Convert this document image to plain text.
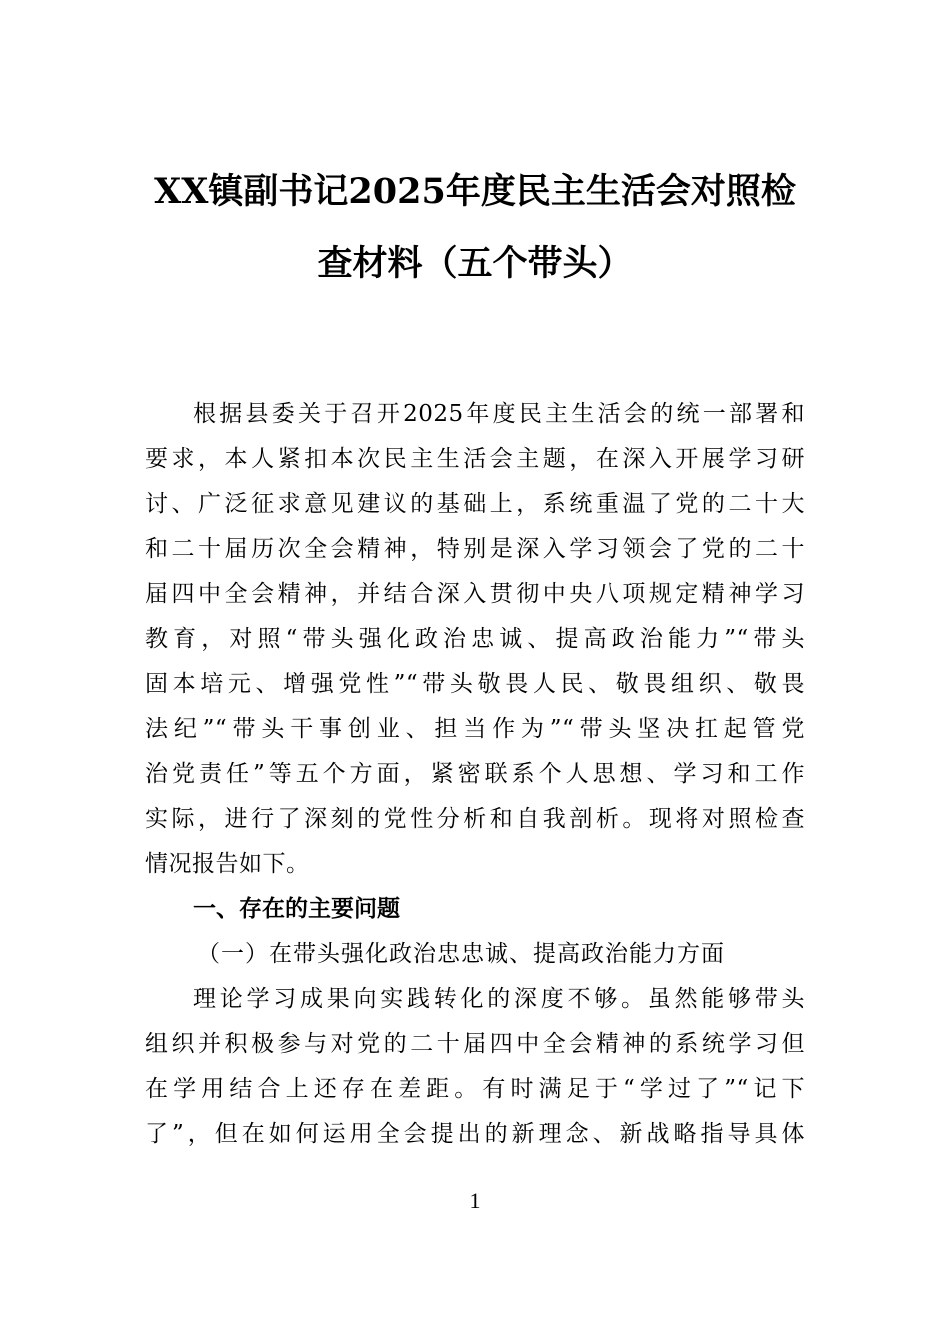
XX镇副书记2025年度民主生活会对照检
查材料（五个带头）
根据县委关于召开2025年度民主生活会的统一部署和
要求，本人紧扣本次民主生活会主题，在深入开展学习研
讨、广泛征求意见建议的基础上，系统重温了党的二十大
和二十届历次全会精神，特别是深入学习领会了党的二十
届四中全会精神，并结合深入贯彻中央八项规定精神学习
教育，对照“带头强化政治忠诚、提高政治能力”“带头
固本培元、增强党性”“带头敬畏人民、敬畏组织、敬畏
法纪”“带头干事创业、担当作为”“带头坚决扛起管党
治党责任”等五个方面，紧密联系个人思想、学习和工作
实际，进行了深刻的党性分析和自我剖析。现将对照检查
情况报告如下。
一、存在的主要问题
（一）在带头强化政治忠忠诚、提高政治能力方面
理论学习成果向实践转化的深度不够。虽然能够带头
组织并积极参与对党的二十届四中全会精神的系统学习但
在学用结合上还存在差距。有时满足于“学过了”“记下
了”，但在如何运用全会提出的新理念、新战略指导具体
1
